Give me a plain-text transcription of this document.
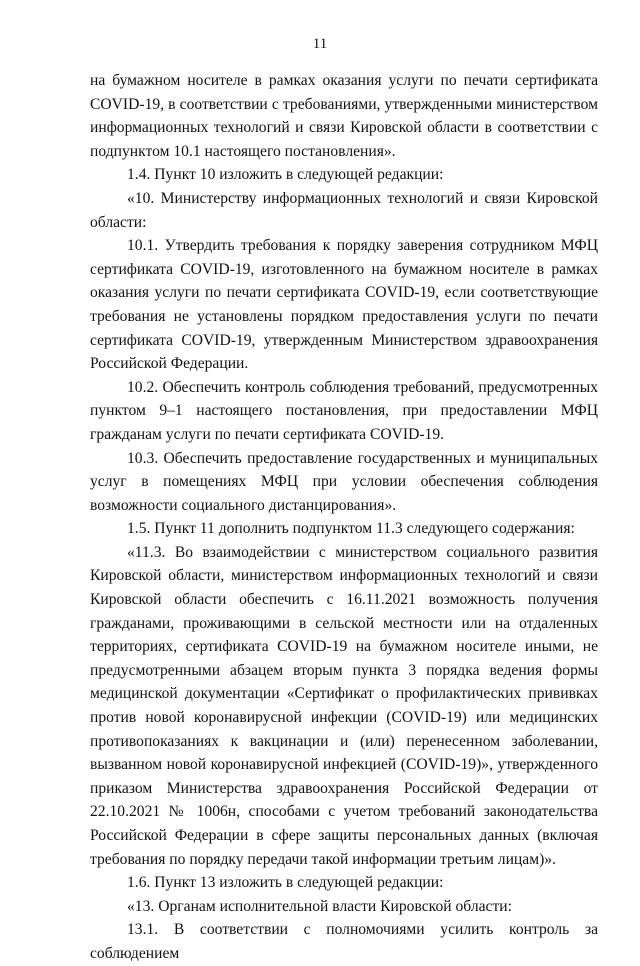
11

на бумажном носителе в рамках оказания услуги по печати сертификата COVID-19, в соответствии с требованиями, утвержденными министерством информационных технологий и связи Кировской области в соответствии с подпунктом 10.1 настоящего постановления».

1.4. Пункт 10 изложить в следующей редакции:

«10. Министерству информационных технологий и связи Кировской области:

10.1. Утвердить требования к порядку заверения сотрудником МФЦ сертификата COVID-19, изготовленного на бумажном носителе в рамках оказания услуги по печати сертификата COVID-19, если соответствующие требования не установлены порядком предоставления услуги по печати сертификата COVID-19, утвержденным Министерством здравоохранения Российской Федерации.

10.2. Обеспечить контроль соблюдения требований, предусмотренных пунктом 9–1 настоящего постановления, при предоставлении МФЦ гражданам услуги по печати сертификата COVID-19.

10.3. Обеспечить предоставление государственных и муниципальных услуг в помещениях МФЦ при условии обеспечения соблюдения возможности социального дистанцирования».

1.5. Пункт 11 дополнить подпунктом 11.3 следующего содержания:

«11.3. Во взаимодействии с министерством социального развития Кировской области, министерством информационных технологий и связи Кировской области обеспечить с 16.11.2021 возможность получения гражданами, проживающими в сельской местности или на отдаленных территориях, сертификата COVID-19 на бумажном носителе иными, не предусмотренными абзацем вторым пункта 3 порядка ведения формы медицинской документации «Сертификат о профилактических прививках против новой коронавирусной инфекции (COVID-19) или медицинских противопоказаниях к вакцинации и (или) перенесенном заболевании, вызванном новой коронавирусной инфекцией (COVID-19)», утвержденного приказом Министерства здравоохранения Российской Федерации от 22.10.2021 № 1006н, способами с учетом требований законодательства Российской Федерации в сфере защиты персональных данных (включая требования по порядку передачи такой информации третьим лицам)».

1.6. Пункт 13 изложить в следующей редакции:

«13. Органам исполнительной власти Кировской области:

13.1. В соответствии с полномочиями усилить контроль за соблюдением
